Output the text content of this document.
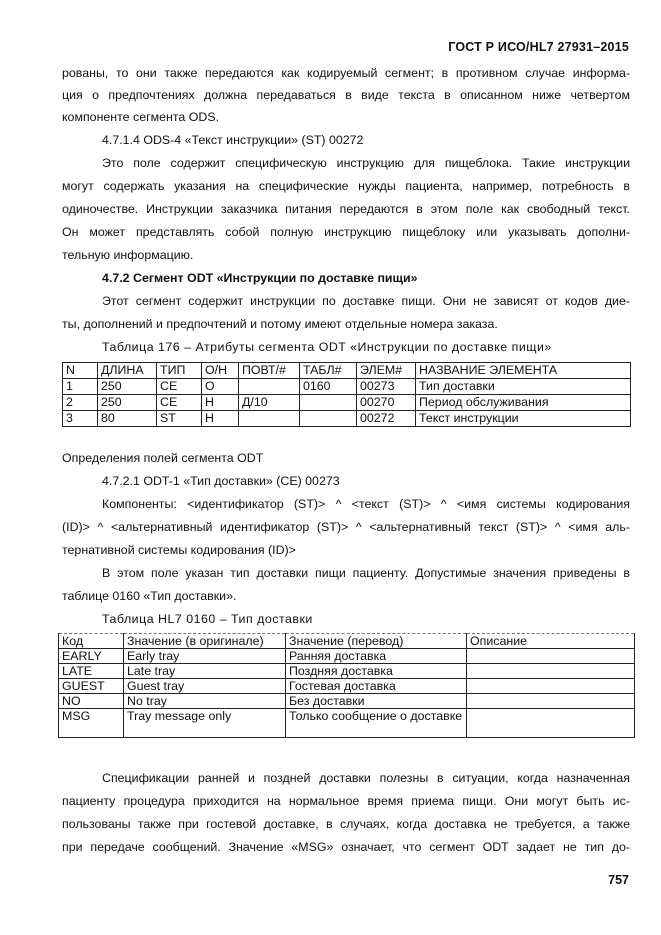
ГОСТ Р ИСО/HL7 27931–2015
рованы, то они также передаются как кодируемый сегмент; в противном случае информа-
ция о предпочтениях должна передаваться в виде текста в описанном ниже четвертом
компоненте сегмента ODS.
4.7.1.4 ODS-4 «Текст инструкции» (ST) 00272
Это поле содержит специфическую инструкцию для пищеблока. Такие инструкции
могут содержать указания на специфические нужды пациента, например, потребность в
одиночестве. Инструкции заказчика питания передаются в этом поле как свободный текст.
Он может представлять собой полную инструкцию пищеблоку или указывать дополни-
тельную информацию.
4.7.2 Сегмент ODT «Инструкции по доставке пищи»
Этот сегмент содержит инструкции по доставке пищи. Они не зависят от кодов дие-
ты, дополнений и предпочтений и потому имеют отдельные номера заказа.
Таблица 176 – Атрибуты сегмента ODT «Инструкции по доставке пищи»
N	ДЛИНА	ТИП	О/Н	ПОВТ/#	ТАБЛ#	ЭЛЕМ#	НАЗВАНИЕ ЭЛЕМЕНТА
1	250	CE	О		0160	00273	Тип доставки
2	250	CE	Н	Д/10		00270	Период обслуживания
3	80	ST	Н			00272	Текст инструкции
Определения полей сегмента ODT
4.7.2.1 ODT-1 «Тип доставки» (CE) 00273
Компоненты: <идентификатор (ST)> ^ <текст (ST)> ^ <имя системы кодирования
(ID)> ^ <альтернативный идентификатор (ST)> ^ <альтернативный текст (ST)> ^ <имя аль-
тернативной системы кодирования (ID)>
В этом поле указан тип доставки пищи пациенту. Допустимые значения приведены в
таблице 0160 «Тип доставки».
Таблица HL7 0160 – Тип доставки
Код	Значение (в оригинале)	Значение (перевод)	Описание
EARLY	Early tray	Ранняя доставка	
LATE	Late tray	Поздняя доставка	
GUEST	Guest tray	Гостевая доставка	
NO	No tray	Без доставки	
MSG	Tray message only	Только сообщение о доставке	
Спецификации ранней и поздней доставки полезны в ситуации, когда назначенная
пациенту процедура приходится на нормальное время приема пищи. Они могут быть ис-
пользованы также при гостевой доставке, в случаях, когда доставка не требуется, а также
при передаче сообщений. Значение «MSG» означает, что сегмент ODT задает не тип до-
757
